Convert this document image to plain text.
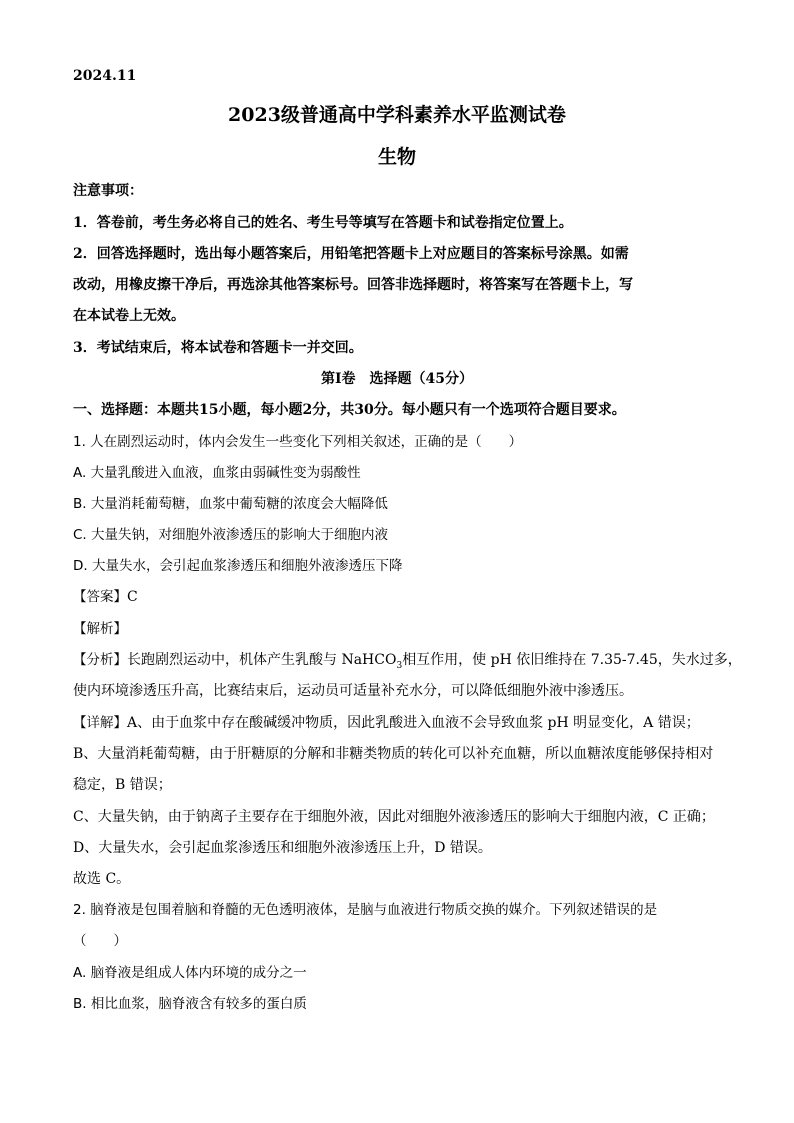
2024.11
2023级普通高中学科素养水平监测试卷
生物
注意事项：
1．答卷前，考生务必将自己的姓名、考生号等填写在答题卡和试卷指定位置上。
2．回答选择题时，选出每小题答案后，用铅笔把答题卡上对应题目的答案标号涂黑。如需
改动，用橡皮擦干净后，再选涂其他答案标号。回答非选择题时，将答案写在答题卡上，写
在本试卷上无效。
3．考试结束后，将本试卷和答题卡一并交回。
第Ⅰ卷　选择题（45分）
一、选择题：本题共15小题，每小题2分，共30分。每小题只有一个选项符合题目要求。
1. 人在剧烈运动时，体内会发生一些变化下列相关叙述，正确的是（　　）
A. 大量乳酸进入血液，血浆由弱碱性变为弱酸性
B. 大量消耗葡萄糖，血浆中葡萄糖的浓度会大幅降低
C. 大量失钠，对细胞外液渗透压的影响大于细胞内液
D. 大量失水，会引起血浆渗透压和细胞外液渗透压下降
【答案】C
【解析】
【分析】长跑剧烈运动中，机体产生乳酸与 NaHCO$_3$相互作用，使 pH 依旧维持在 7.35-7.45，失水过多，
使内环境渗透压升高，比赛结束后，运动员可适量补充水分，可以降低细胞外液中渗透压。
【详解】A、由于血浆中存在酸碱缓冲物质，因此乳酸进入血液不会导致血浆 pH 明显变化，A 错误；
B、大量消耗葡萄糖，由于肝糖原的分解和非糖类物质的转化可以补充血糖，所以血糖浓度能够保持相对
稳定，B 错误；
C、大量失钠，由于钠离子主要存在于细胞外液，因此对细胞外液渗透压的影响大于细胞内液，C 正确；
D、大量失水，会引起血浆渗透压和细胞外液渗透压上升，D 错误。
故选 C。
2. 脑脊液是包围着脑和脊髓的无色透明液体，是脑与血液进行物质交换的媒介。下列叙述错误的是
（　　）
A. 脑脊液是组成人体内环境的成分之一
B. 相比血浆，脑脊液含有较多的蛋白质
